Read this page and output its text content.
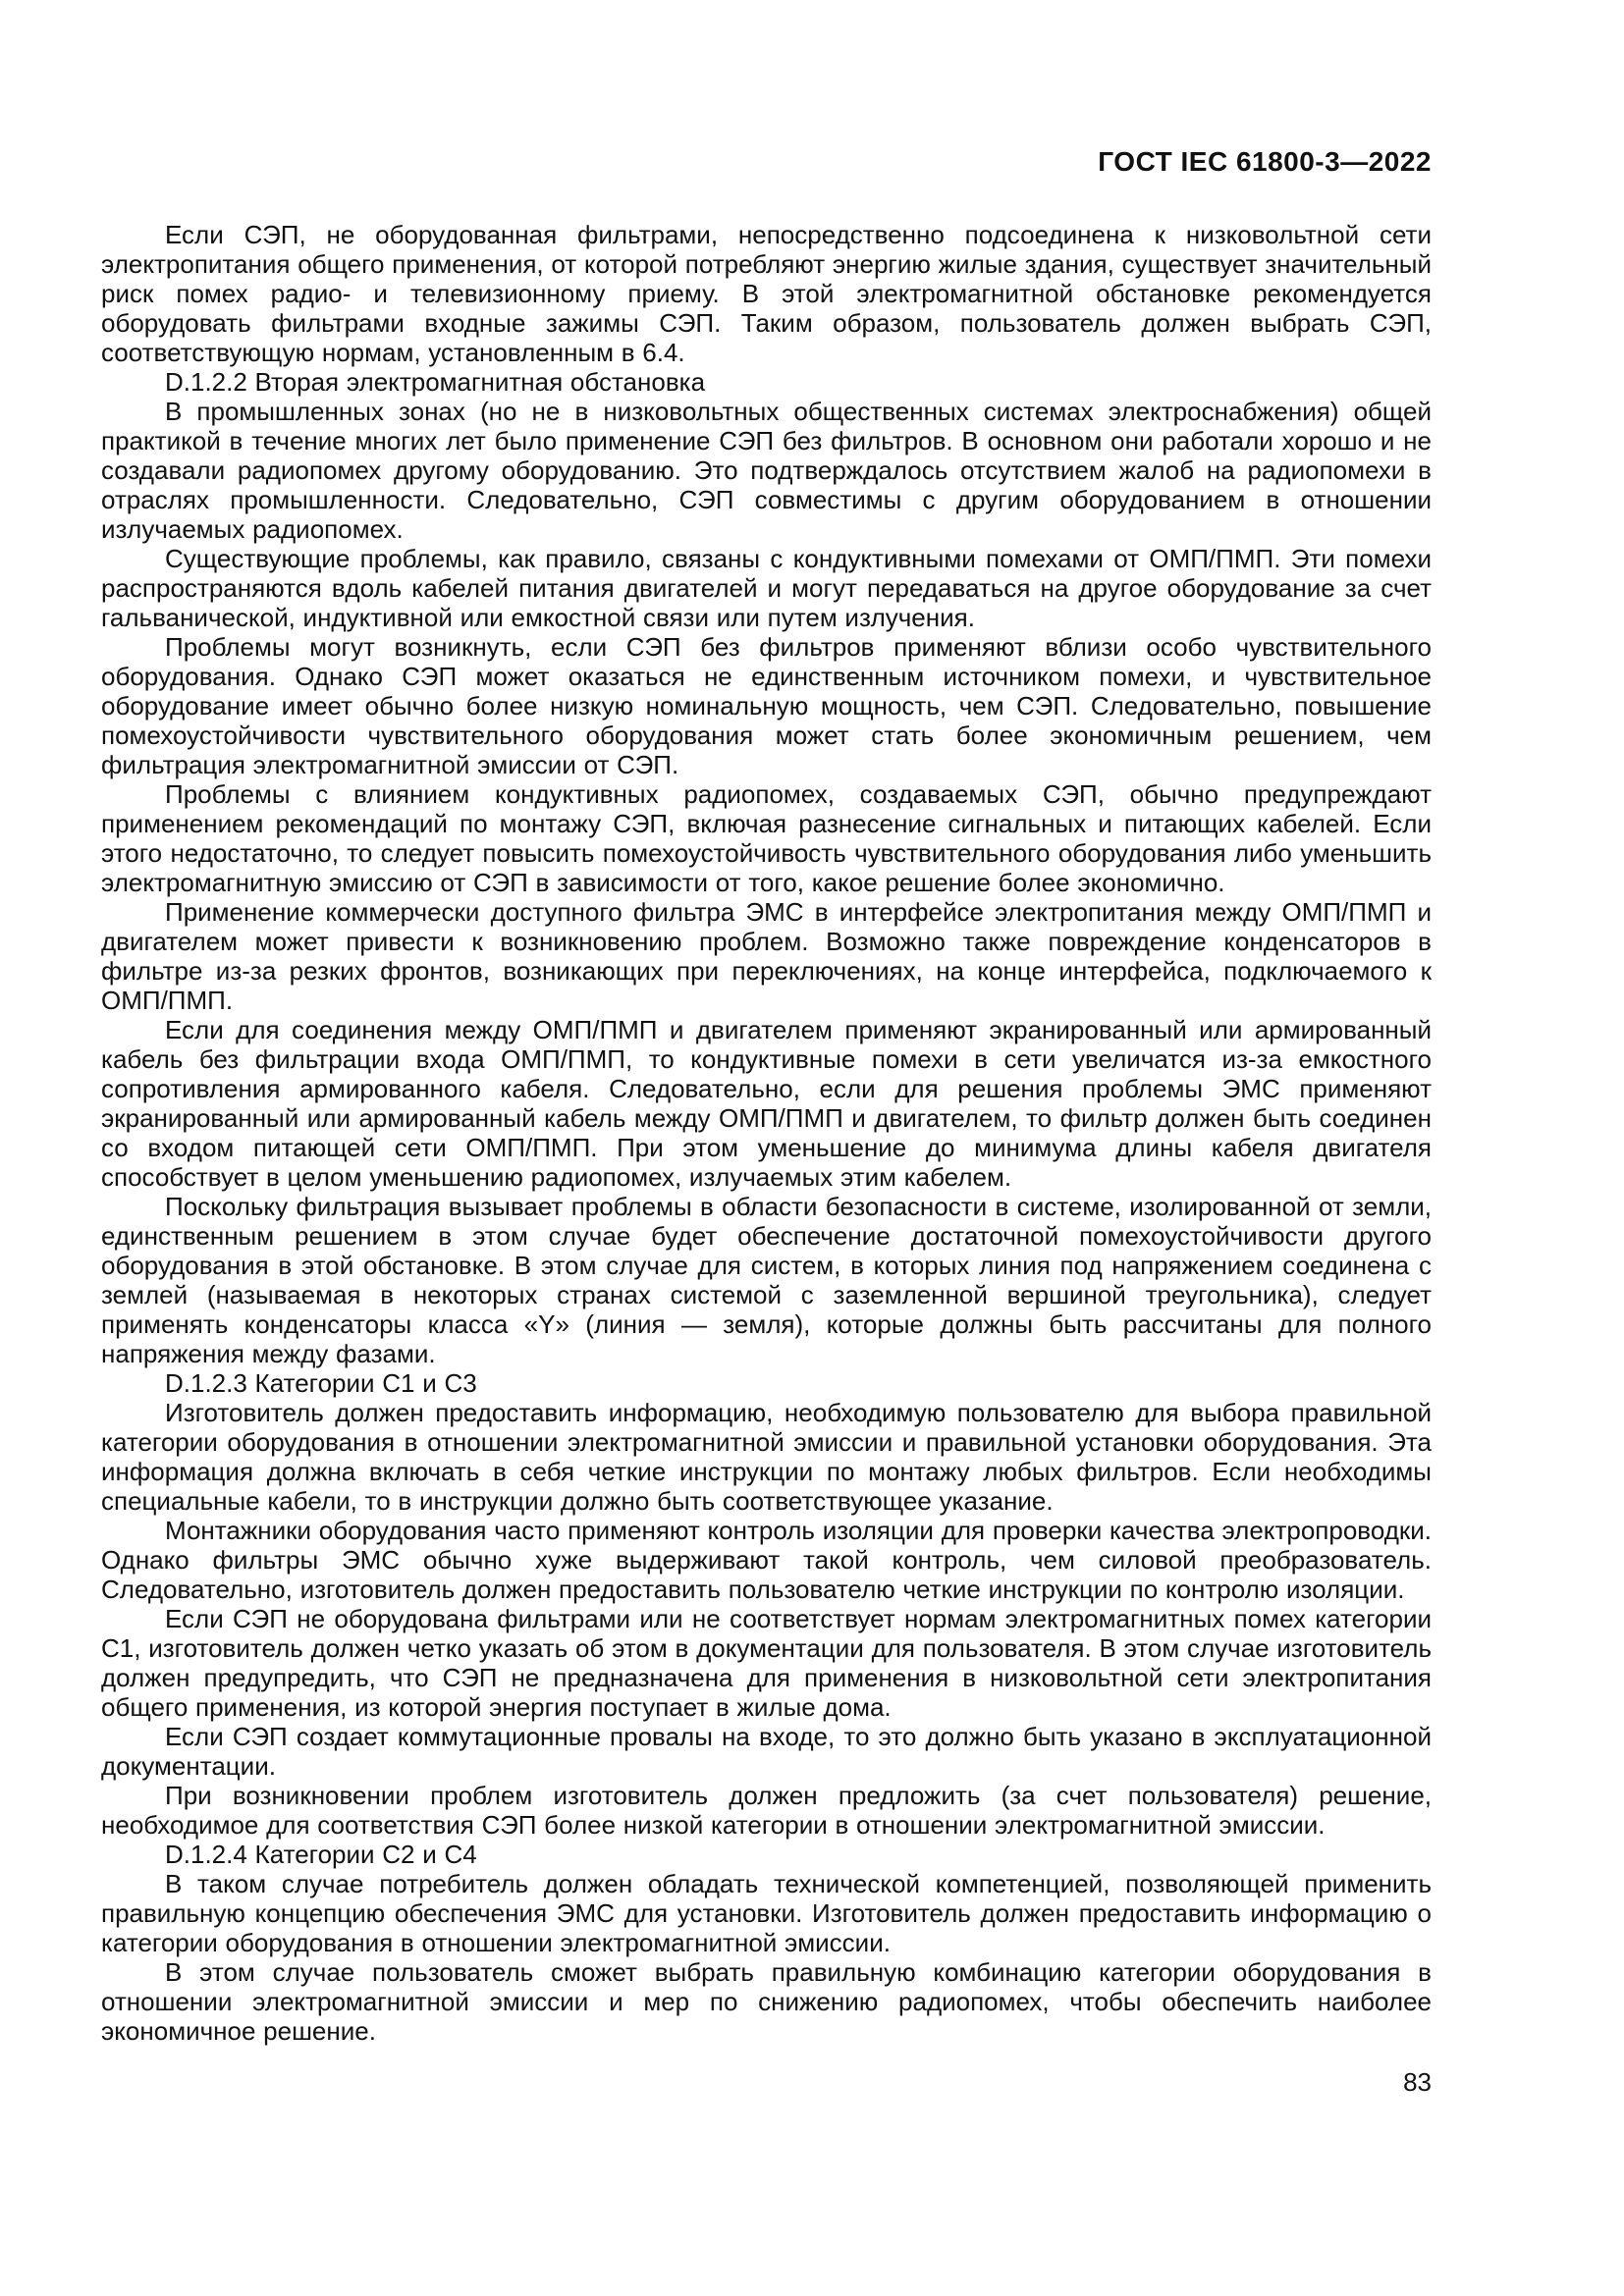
ГОСТ IEC 61800-3—2022

Если СЭП, не оборудованная фильтрами, непосредственно подсоединена к низковольтной сети электропитания общего применения, от которой потребляют энергию жилые здания, существует значительный риск помех радио- и телевизионному приему. В этой электромагнитной обстановке рекомендуется оборудовать фильтрами входные зажимы СЭП. Таким образом, пользователь должен выбрать СЭП, соответствующую нормам, установленным в 6.4.

D.1.2.2 Вторая электромагнитная обстановка

В промышленных зонах (но не в низковольтных общественных системах электроснабжения) общей практикой в течение многих лет было применение СЭП без фильтров. В основном они работали хорошо и не создавали радиопомех другому оборудованию. Это подтверждалось отсутствием жалоб на радиопомехи в отраслях промышленности. Следовательно, СЭП совместимы с другим оборудованием в отношении излучаемых радиопомех.

Существующие проблемы, как правило, связаны с кондуктивными помехами от ОМП/ПМП. Эти помехи распространяются вдоль кабелей питания двигателей и могут передаваться на другое оборудование за счет гальванической, индуктивной или емкостной связи или путем излучения.

Проблемы могут возникнуть, если СЭП без фильтров применяют вблизи особо чувствительного оборудования. Однако СЭП может оказаться не единственным источником помехи, и чувствительное оборудование имеет обычно более низкую номинальную мощность, чем СЭП. Следовательно, повышение помехоустойчивости чувствительного оборудования может стать более экономичным решением, чем фильтрация электромагнитной эмиссии от СЭП.

Проблемы с влиянием кондуктивных радиопомех, создаваемых СЭП, обычно предупреждают применением рекомендаций по монтажу СЭП, включая разнесение сигнальных и питающих кабелей. Если этого недостаточно, то следует повысить помехоустойчивость чувствительного оборудования либо уменьшить электромагнитную эмиссию от СЭП в зависимости от того, какое решение более экономично.

Применение коммерчески доступного фильтра ЭМС в интерфейсе электропитания между ОМП/ПМП и двигателем может привести к возникновению проблем. Возможно также повреждение конденсаторов в фильтре из-за резких фронтов, возникающих при переключениях, на конце интерфейса, подключаемого к ОМП/ПМП.

Если для соединения между ОМП/ПМП и двигателем применяют экранированный или армированный кабель без фильтрации входа ОМП/ПМП, то кондуктивные помехи в сети увеличатся из-за емкостного сопротивления армированного кабеля. Следовательно, если для решения проблемы ЭМС применяют экранированный или армированный кабель между ОМП/ПМП и двигателем, то фильтр должен быть соединен со входом питающей сети ОМП/ПМП. При этом уменьшение до минимума длины кабеля двигателя способствует в целом уменьшению радиопомех, излучаемых этим кабелем.

Поскольку фильтрация вызывает проблемы в области безопасности в системе, изолированной от земли, единственным решением в этом случае будет обеспечение достаточной помехоустойчивости другого оборудования в этой обстановке. В этом случае для систем, в которых линия под напряжением соединена с землей (называемая в некоторых странах системой с заземленной вершиной треугольника), следует применять конденсаторы класса «Y» (линия — земля), которые должны быть рассчитаны для полного напряжения между фазами.

D.1.2.3 Категории C1 и C3

Изготовитель должен предоставить информацию, необходимую пользователю для выбора правильной категории оборудования в отношении электромагнитной эмиссии и правильной установки оборудования. Эта информация должна включать в себя четкие инструкции по монтажу любых фильтров. Если необходимы специальные кабели, то в инструкции должно быть соответствующее указание.

Монтажники оборудования часто применяют контроль изоляции для проверки качества электропроводки. Однако фильтры ЭМС обычно хуже выдерживают такой контроль, чем силовой преобразователь. Следовательно, изготовитель должен предоставить пользователю четкие инструкции по контролю изоляции.

Если СЭП не оборудована фильтрами или не соответствует нормам электромагнитных помех категории C1, изготовитель должен четко указать об этом в документации для пользователя. В этом случае изготовитель должен предупредить, что СЭП не предназначена для применения в низковольтной сети электропитания общего применения, из которой энергия поступает в жилые дома.

Если СЭП создает коммутационные провалы на входе, то это должно быть указано в эксплуатационной документации.

При возникновении проблем изготовитель должен предложить (за счет пользователя) решение, необходимое для соответствия СЭП более низкой категории в отношении электромагнитной эмиссии.

D.1.2.4 Категории C2 и C4

В таком случае потребитель должен обладать технической компетенцией, позволяющей применить правильную концепцию обеспечения ЭМС для установки. Изготовитель должен предоставить информацию о категории оборудования в отношении электромагнитной эмиссии.

В этом случае пользователь сможет выбрать правильную комбинацию категории оборудования в отношении электромагнитной эмиссии и мер по снижению радиопомех, чтобы обеспечить наиболее экономичное решение.

83
